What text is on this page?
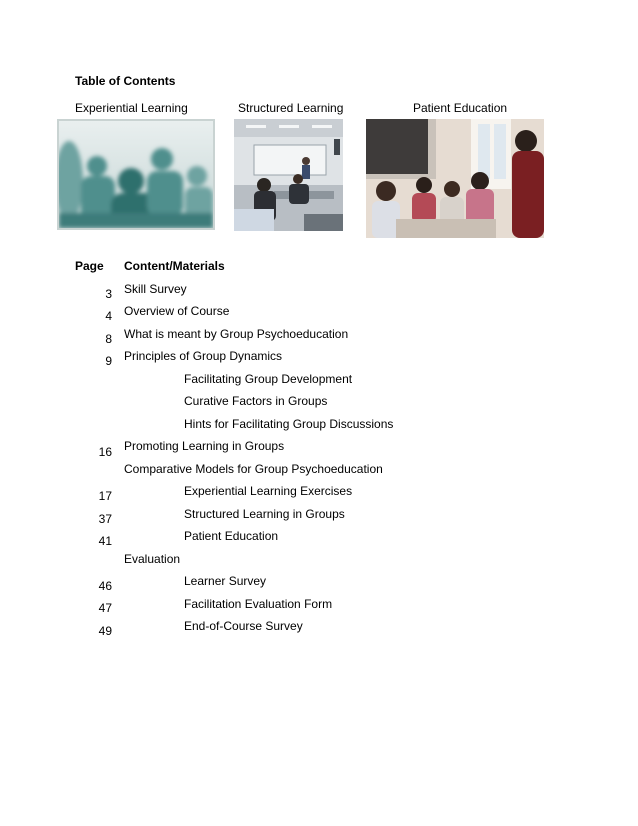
Table of Contents
Experiential Learning	Structured Learning	Patient Education
Page Content/Materials
3 Skill Survey
4 Overview of Course
8 What is meant by Group Psychoeducation
9 Principles of Group Dynamics
Facilitating Group Development
Curative Factors in Groups
Hints for Facilitating Group Discussions
16 Promoting Learning in Groups
Comparative Models for Group Psychoeducation
17	Experiential Learning Exercises
37	Structured Learning in Groups
41	Patient Education
Evaluation
46	Learner Survey
47	Facilitation Evaluation Form
49	End-of-Course Survey
